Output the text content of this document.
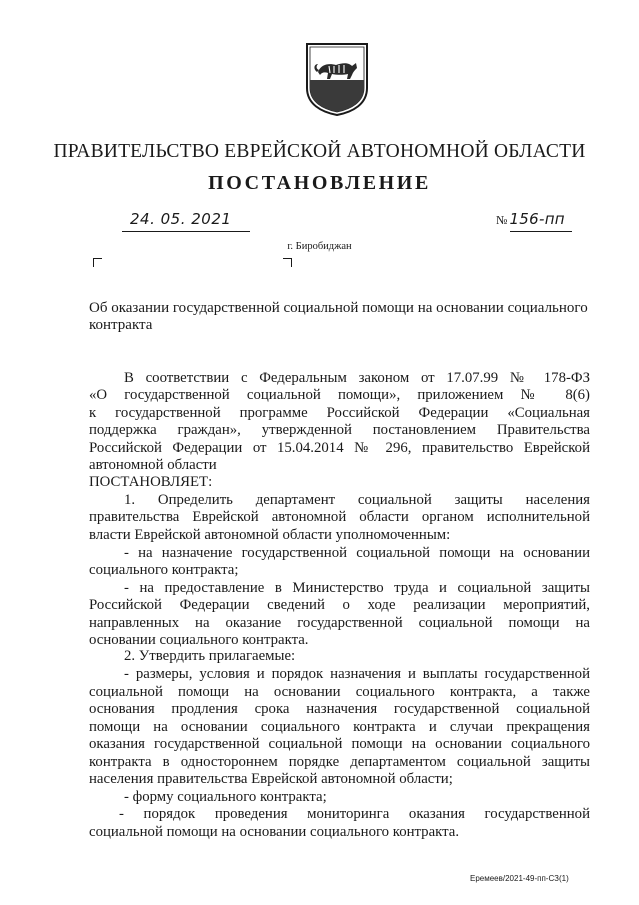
ПРАВИТЕЛЬСТВО ЕВРЕЙСКОЙ АВТОНОМНОЙ ОБЛАСТИ
ПОСТАНОВЛЕНИЕ
24. 05. 2021	№ 156-пп
г. Биробиджан
Об оказании государственной социальной помощи на основании социального
контракта
В соответствии с Федеральным законом от 17.07.99 № 178-ФЗ
«О государственной социальной помощи», приложением № 8(6)
к государственной программе Российской Федерации «Социальная
поддержка граждан», утвержденной постановлением Правительства
Российской Федерации от 15.04.2014 № 296, правительство Еврейской
автономной области
ПОСТАНОВЛЯЕТ:
1. Определить департамент социальной защиты населения
правительства Еврейской автономной области органом исполнительной
власти Еврейской автономной области уполномоченным:
- на назначение государственной социальной помощи на основании
социального контракта;
- на предоставление в Министерство труда и социальной защиты
Российской Федерации сведений о ходе реализации мероприятий,
направленных на оказание государственной социальной помощи на
основании социального контракта.
2. Утвердить прилагаемые:
- размеры, условия и порядок назначения и выплаты государственной
социальной помощи на основании социального контракта, а также
основания продления срока назначения государственной социальной
помощи на основании социального контракта и случаи прекращения
оказания государственной социальной помощи на основании социального
контракта в одностороннем порядке департаментом социальной защиты
населения правительства Еврейской автономной области;
- форму социального контракта;
- порядок проведения мониторинга оказания государственной
социальной помощи на основании социального контракта.
Еремеев/2021-49-пп-СЗ(1)
